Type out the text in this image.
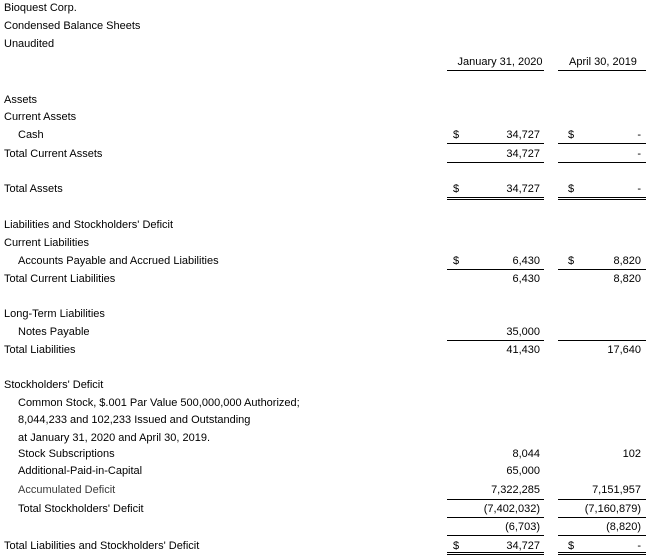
Bioquest Corp.
Condensed Balance Sheets
Unaudited
January 31, 2020	April 30, 2019
Assets
Current Assets
Cash	$	34,727	$	-
Total Current Assets	34,727	-
Total Assets	$	34,727	$	-
Liabilities and Stockholders' Deficit
Current Liabilities
Accounts Payable and Accrued Liabilities	$	6,430	$	8,820
Total Current Liabilities	6,430	8,820
Long-Term Liabilities
Notes Payable	35,000
Total Liabilities	41,430	17,640
Stockholders' Deficit
Common Stock, $.001 Par Value 500,000,000 Authorized;
8,044,233 and 102,233 Issued and Outstanding
at January 31, 2020 and April 30, 2019.
Stock Subscriptions	8,044	102
Additional-Paid-in-Capital	65,000
Accumulated Deficit	7,322,285	7,151,957
Total Stockholders' Deficit	(7,402,032)	(7,160,879)
(6,703)	(8,820)
Total Liabilities and Stockholders' Deficit	$	34,727	$	-
